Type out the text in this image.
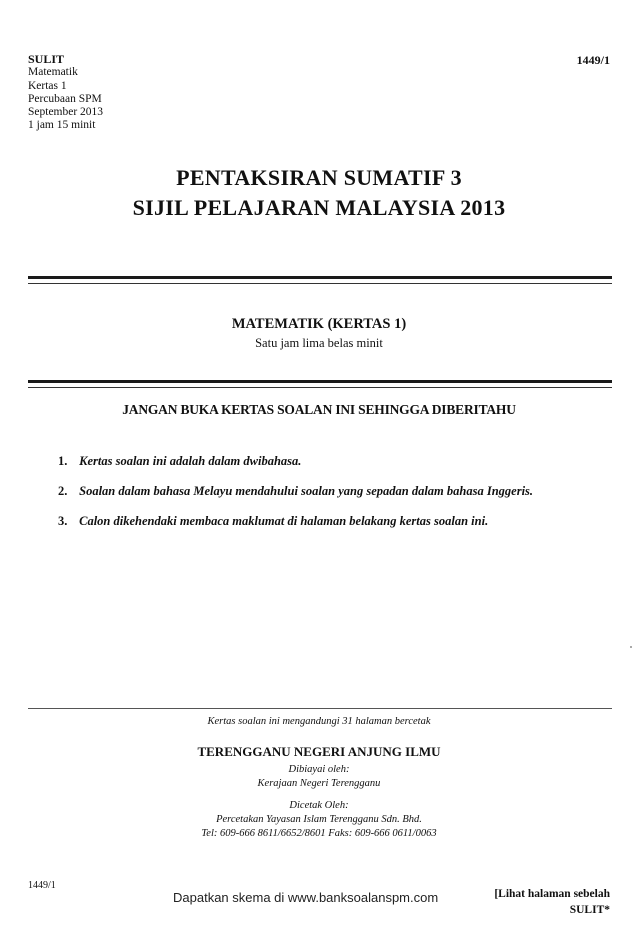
SULIT
Matematik
Kertas 1
Percubaan SPM
September 2013
1 jam 15 minit
1449/1
PENTAKSIRAN SUMATIF 3
SIJIL PELAJARAN MALAYSIA 2013
MATEMATIK (KERTAS 1)
Satu jam lima belas minit
JANGAN BUKA KERTAS SOALAN INI SEHINGGA DIBERITAHU
1. Kertas soalan ini adalah dalam dwibahasa.
2. Soalan dalam bahasa Melayu mendahului soalan yang sepadan dalam bahasa Inggeris.
3. Calon dikehendaki membaca maklumat di halaman belakang kertas soalan ini.
Kertas soalan ini mengandungi 31 halaman bercetak
TERENGGANU NEGERI ANJUNG ILMU
Dibiayai oleh:
Kerajaan Negeri Terengganu
Dicetak Oleh:
Percetakan Yayasan Islam Terengganu Sdn. Bhd.
Tel: 609-666 8611/6652/8601 Faks: 609-666 0611/0063
1449/1
[Lihat halaman sebelah
SULIT*
Dapatkan skema di www.banksoalanspm.com
